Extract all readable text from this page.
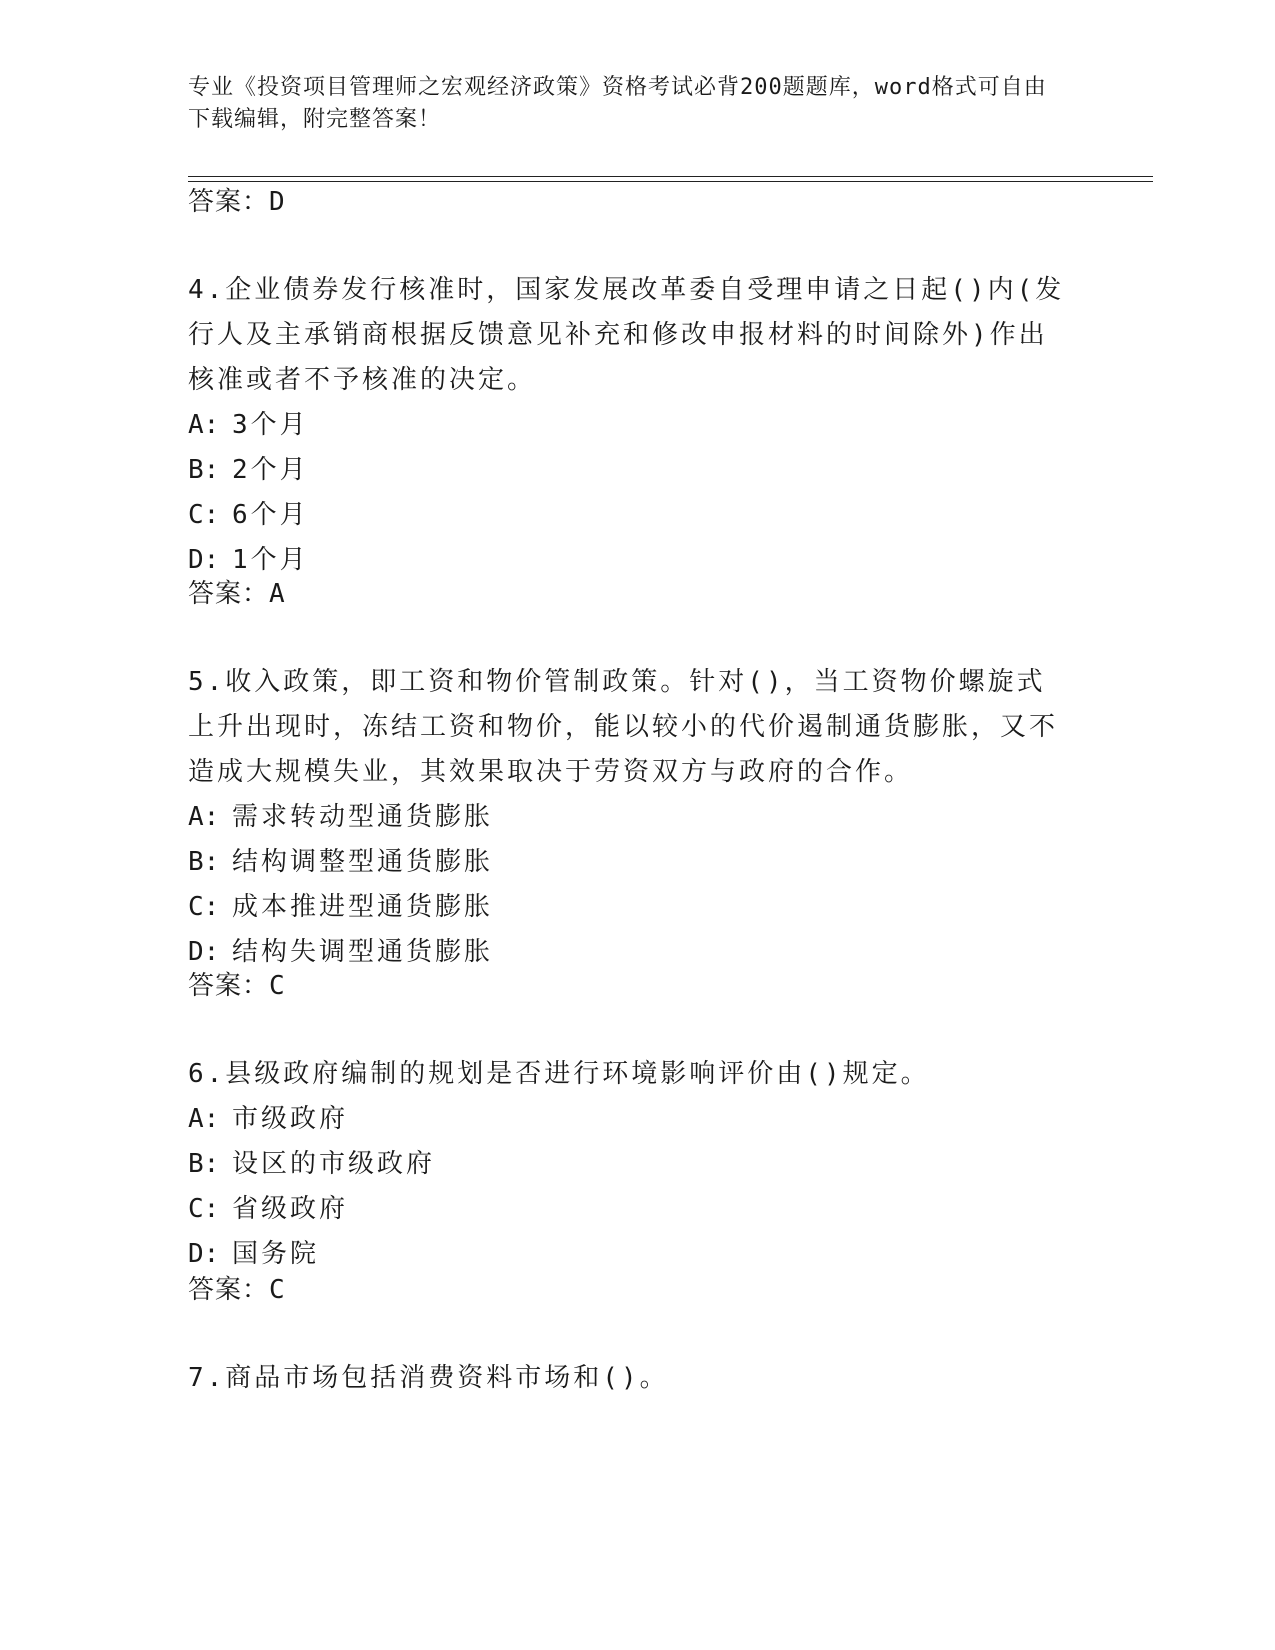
专业《投资项目管理师之宏观经济政策》资格考试必背200题题库，word格式可自由下载编辑，附完整答案！
答案：D

4.企业债券发行核准时，国家发展改革委自受理申请之日起()内(发行人及主承销商根据反馈意见补充和修改申报材料的时间除外)作出核准或者不予核准的决定。

A: 3个月

B: 2个月

C: 6个月

D: 1个月

答案：A

5.收入政策，即工资和物价管制政策。针对()，当工资物价螺旋式上升出现时，冻结工资和物价，能以较小的代价遏制通货膨胀，又不造成大规模失业，其效果取决于劳资双方与政府的合作。

A: 需求转动型通货膨胀

B: 结构调整型通货膨胀

C: 成本推进型通货膨胀

D: 结构失调型通货膨胀

答案：C

6.县级政府编制的规划是否进行环境影响评价由()规定。

A: 市级政府

B: 设区的市级政府

C: 省级政府

D: 国务院

答案：C

7.商品市场包括消费资料市场和()。
